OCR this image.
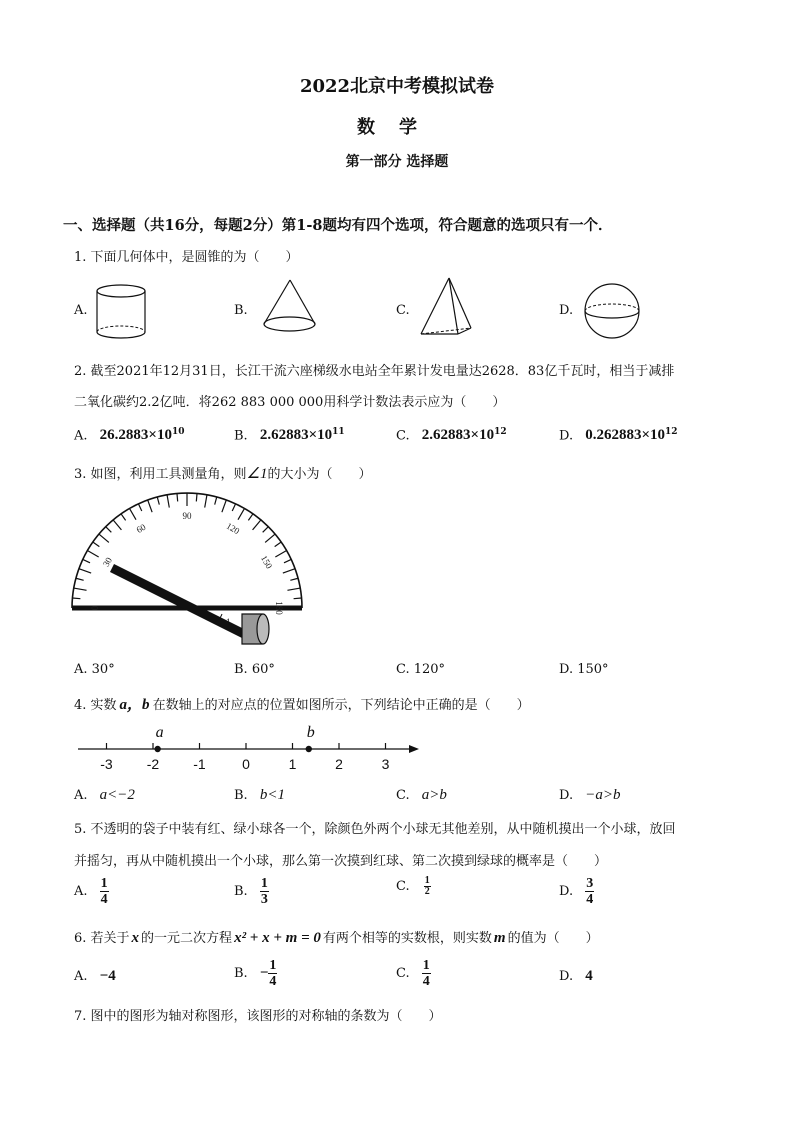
2022北京中考模拟试卷
数学
第一部分 选择题
一、选择题（共16分，每题2分）第1-8题均有四个选项，符合题意的选项只有一个．
1. 下面几何体中，是圆锥的为（　　）
A.	B.	C.	D.
2. 截至2021年12月31日，长江干流六座梯级水电站全年累计发电量达2628．83亿千瓦时，相当于减排
二氧化碳约2.2亿吨．将262 883 000 000用科学计数法表示应为（　　）
A. $26.2883\times 10^{10}$	B. $2.62883\times 10^{11}$	C. $2.62883\times 10^{12}$	D. $0.262883\times 10^{12}$
3. 如图，利用工具测量角，则∠1的大小为（　　）
0
30
60
90
120
150
180
1
A. 30°	B. 60°	C. 120°	D. 150°
4. 实数 a，b 在数轴上的对应点的位置如图所示，下列结论中正确的是（　　）
-3 -2 -1	0	1	2	3
a	b
A. a<−2	B. b<1	C. a>b	D. −a>b
5. 不透明的袋子中装有红、绿小球各一个，除颜色外两个小球无其他差别，从中随机摸出一个小球，放回
并摇匀，再从中随机摸出一个小球，那么第一次摸到红球、第二次摸到绿球的概率是（　　）
A. $\frac{1}{4}$	B. $\frac{1}{3}$	C. $\frac{1}{2}$	D. $\frac{3}{4}$
6. 若关于 x 的一元二次方程 x² + x + m = 0 有两个相等的实数根，则实数 m 的值为（　　）
A. −4	B. − $\frac{1}{4}$	C. $\frac{1}{4}$	D. 4
7. 图中的图形为轴对称图形，该图形的对称轴的条数为（　　）
